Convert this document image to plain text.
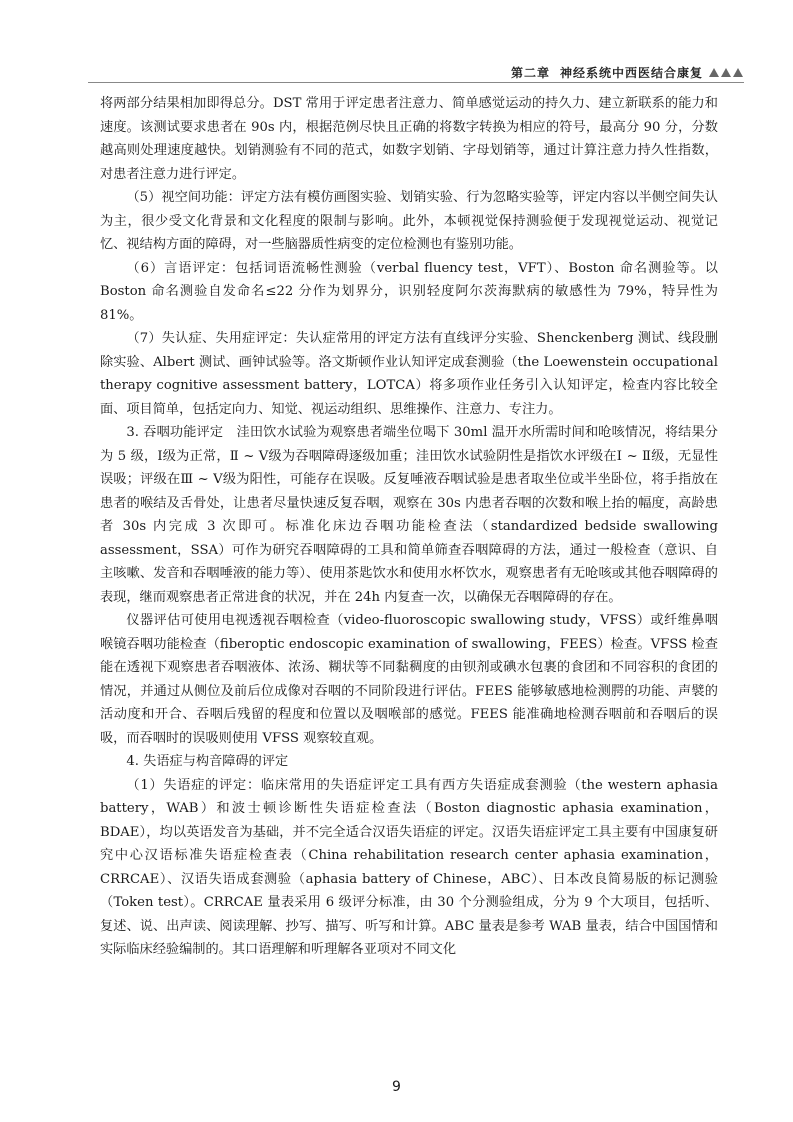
第二章 神经系统中西医结合康复

将两部分结果相加即得总分。DST 常用于评定患者注意力、简单感觉运动的持久力、建立新联系的能力和速度。该测试要求患者在 90s 内，根据范例尽快且正确的将数字转换为相应的符号，最高分 90 分，分数越高则处理速度越快。划销测验有不同的范式，如数字划销、字母划销等，通过计算注意力持久性指数，对患者注意力进行评定。

（5）视空间功能：评定方法有模仿画图实验、划销实验、行为忽略实验等，评定内容以半侧空间失认为主，很少受文化背景和文化程度的限制与影响。此外，本顿视觉保持测验便于发现视觉运动、视觉记忆、视结构方面的障碍，对一些脑器质性病变的定位检测也有鉴别功能。

（6）言语评定：包括词语流畅性测验（verbal fluency test，VFT）、Boston 命名测验等。以 Boston 命名测验自发命名≤22 分作为划界分，识别轻度阿尔茨海默病的敏感性为 79%，特异性为 81%。

（7）失认症、失用症评定：失认症常用的评定方法有直线评分实验、Shenckenberg 测试、线段删除实验、Albert 测试、画钟试验等。洛文斯顿作业认知评定成套测验（the Loewenstein occupational therapy cognitive assessment battery，LOTCA）将多项作业任务引入认知评定，检查内容比较全面、项目简单，包括定向力、知觉、视运动组织、思维操作、注意力、专注力。

3. 吞咽功能评定　洼田饮水试验为观察患者端坐位喝下 30ml 温开水所需时间和呛咳情况，将结果分为 5 级，Ⅰ级为正常，Ⅱ ~ Ⅴ级为吞咽障碍逐级加重；洼田饮水试验阴性是指饮水评级在Ⅰ ~ Ⅱ级，无显性误吸；评级在Ⅲ ~ Ⅴ级为阳性，可能存在误吸。反复唾液吞咽试验是患者取坐位或半坐卧位，将手指放在患者的喉结及舌骨处，让患者尽量快速反复吞咽，观察在 30s 内患者吞咽的次数和喉上抬的幅度，高龄患者 30s 内完成 3 次即可。标准化床边吞咽功能检查法（standardized bedside swallowing assessment，SSA）可作为研究吞咽障碍的工具和简单筛查吞咽障碍的方法，通过一般检查（意识、自主咳嗽、发音和吞咽唾液的能力等）、使用茶匙饮水和使用水杯饮水，观察患者有无呛咳或其他吞咽障碍的表现，继而观察患者正常进食的状况，并在 24h 内复查一次，以确保无吞咽障碍的存在。

仪器评估可使用电视透视吞咽检查（video-fluoroscopic swallowing study，VFSS）或纤维鼻咽喉镜吞咽功能检查（fiberoptic endoscopic examination of swallowing，FEES）检查。VFSS 检查能在透视下观察患者吞咽液体、浓汤、糊状等不同黏稠度的由钡剂或碘水包裹的食团和不同容积的食团的情况，并通过从侧位及前后位成像对吞咽的不同阶段进行评估。FEES 能够敏感地检测腭的功能、声襞的活动度和开合、吞咽后残留的程度和位置以及咽喉部的感觉。FEES 能准确地检测吞咽前和吞咽后的误吸，而吞咽时的误吸则使用 VFSS 观察较直观。

4. 失语症与构音障碍的评定

（1）失语症的评定：临床常用的失语症评定工具有西方失语症成套测验（the western aphasia battery，WAB）和波士顿诊断性失语症检查法（Boston diagnostic aphasia examination，BDAE），均以英语发音为基础，并不完全适合汉语失语症的评定。汉语失语症评定工具主要有中国康复研究中心汉语标准失语症检查表（China rehabilitation research center aphasia examination，CRRCAE）、汉语失语成套测验（aphasia battery of Chinese，ABC）、日本改良简易版的标记测验（Token test）。CRRCAE 量表采用 6 级评分标准，由 30 个分测验组成，分为 9 个大项目，包括听、复述、说、出声读、阅读理解、抄写、描写、听写和计算。ABC 量表是参考 WAB 量表，结合中国国情和实际临床经验编制的。其口语理解和听理解各亚项对不同文化

9
